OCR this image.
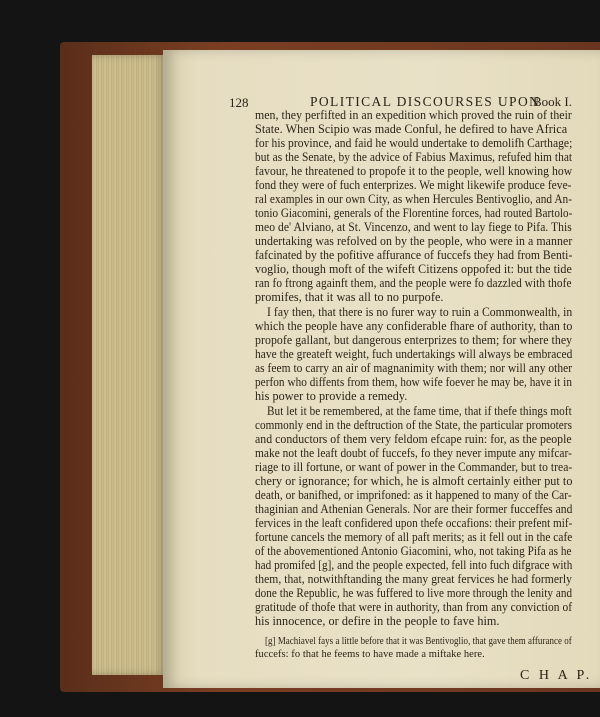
128	POLITICAL DISCOURSES UPON
Book I.
men, they perfifted in an expedition which proved the ruin of their
State. When Scipio was made Conful, he defired to have Africa
for his province, and faid he would undertake to demolifh Carthage;
but as the Senate, by the advice of Fabius Maximus, refufed him that
favour, he threatened to propofe it to the people, well knowing how
fond they were of fuch enterprizes. We might likewife produce feve-
ral examples in our own City, as when Hercules Bentivoglio, and An-
tonio Giacomini, generals of the Florentine forces, had routed Bartolo-
meo de' Alviano, at St. Vincenzo, and went to lay fiege to Pifa. This
undertaking was refolved on by the people, who were in a manner
fafcinated by the pofitive affurance of fuccefs they had from Benti-
voglio, though moft of the wifeft Citizens oppofed it: but the tide
ran fo ftrong againft them, and the people were fo dazzled with thofe
promifes, that it was all to no purpofe.
I fay then, that there is no furer way to ruin a Commonwealth, in
which the people have any confiderable fhare of authority, than to
propofe gallant, but dangerous enterprizes to them; for where they
have the greateft weight, fuch undertakings will always be embraced
as feem to carry an air of magnanimity with them; nor will any other
perfon who diffents from them, how wife foever he may be, have it in
his power to provide a remedy.
But let it be remembered, at the fame time, that if thefe things moft
commonly end in the deftruction of the State, the particular promoters
and conductors of them very feldom efcape ruin: for, as the people
make not the leaft doubt of fuccefs, fo they never impute any mifcar-
riage to ill fortune, or want of power in the Commander, but to trea-
chery or ignorance; for which, he is almoft certainly either put to
death, or banifhed, or imprifoned: as it happened to many of the Car-
thaginian and Athenian Generals. Nor are their former fucceffes and
fervices in the leaft confidered upon thefe occafions: their prefent mif-
fortune cancels the memory of all paft merits; as it fell out in the cafe
of the abovementioned Antonio Giacomini, who, not taking Pifa as he
had promifed [g], and the people expected, fell into fuch difgrace with
them, that, notwithftanding the many great fervices he had formerly
done the Republic, he was fuffered to live more through the lenity and
gratitude of thofe that were in authority, than from any conviction of
his innocence, or defire in the people to fave him.
[g] Machiavel fays a little before that it was Bentivoglio, that gave them affurance of
fuccefs: fo that he feems to have made a miftake here.
C H A P.
